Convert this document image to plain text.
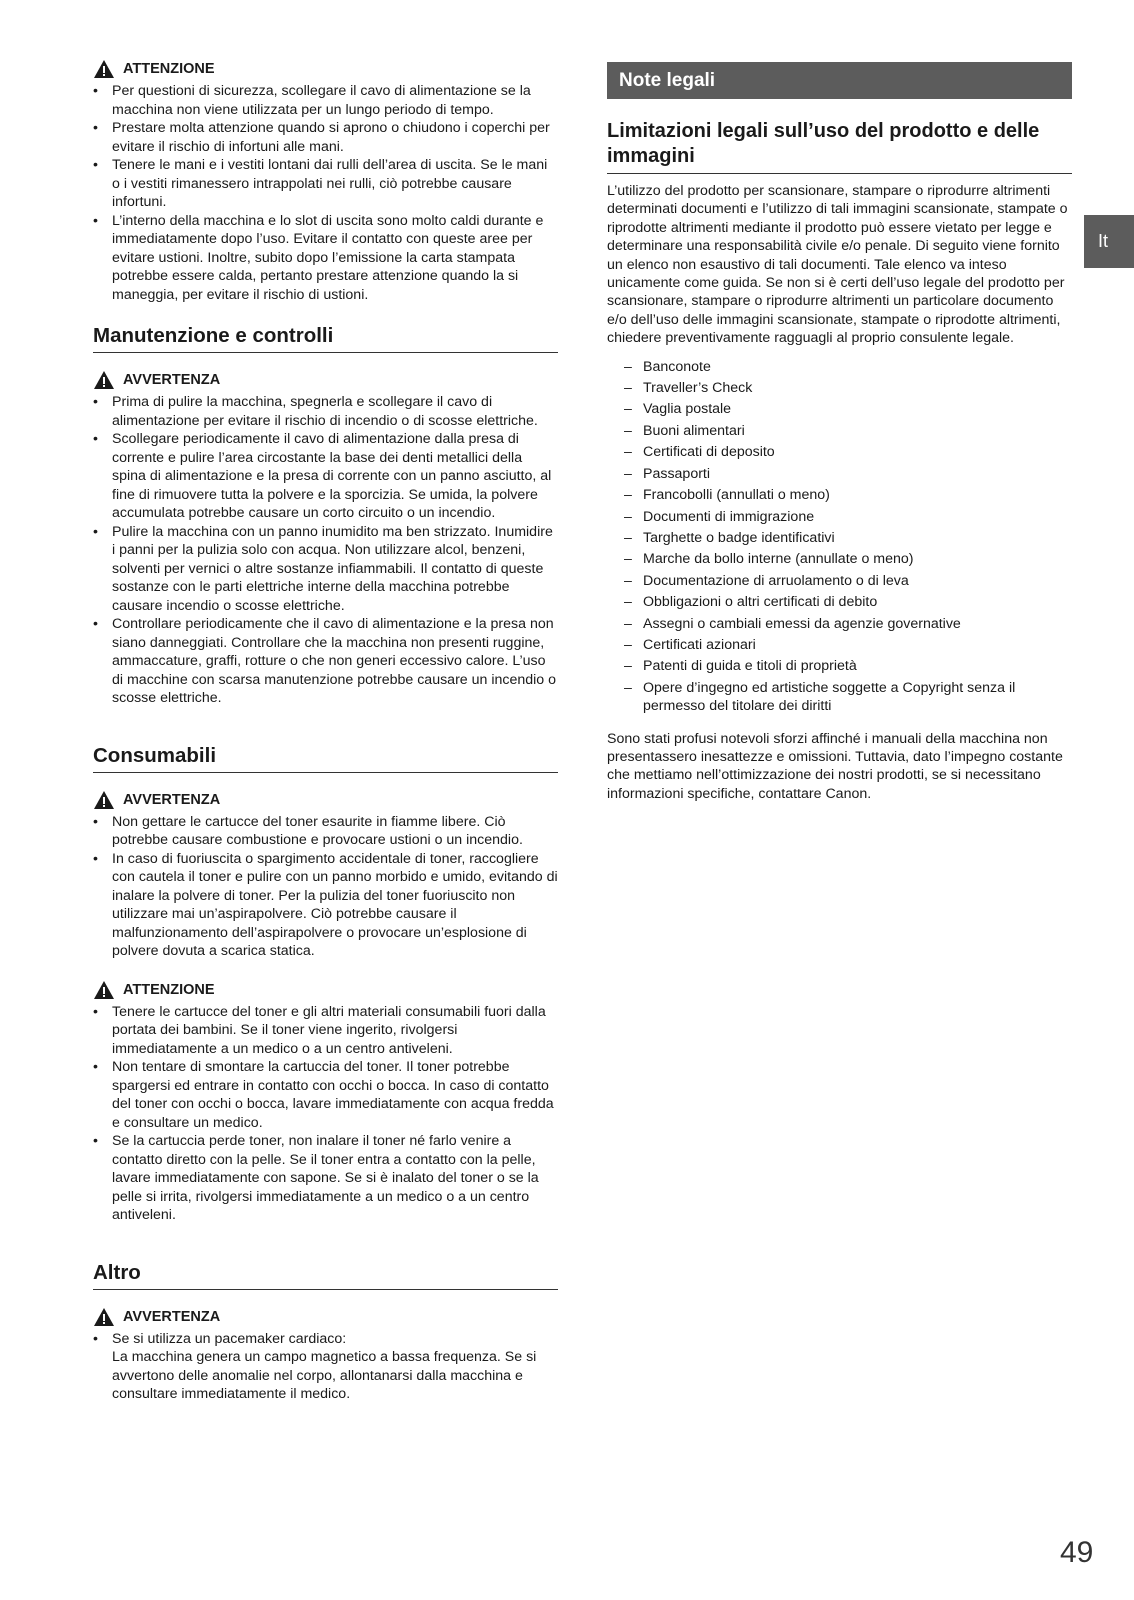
ATTENZIONE
• Per questioni di sicurezza, scollegare il cavo di alimentazione se la macchina non viene utilizzata per un lungo periodo di tempo.
• Prestare molta attenzione quando si aprono o chiudono i coperchi per evitare il rischio di infortuni alle mani.
• Tenere le mani e i vestiti lontani dai rulli dell’area di uscita. Se le mani o i vestiti rimanessero intrappolati nei rulli, ciò potrebbe causare infortuni.
• L’interno della macchina e lo slot di uscita sono molto caldi durante e immediatamente dopo l’uso. Evitare il contatto con queste aree per evitare ustioni. Inoltre, subito dopo l’emissione la carta stampata potrebbe essere calda, pertanto prestare attenzione quando la si maneggia, per evitare il rischio di ustioni.
Manutenzione e controlli
AVVERTENZA
• Prima di pulire la macchina, spegnerla e scollegare il cavo di alimentazione per evitare il rischio di incendio o di scosse elettriche.
• Scollegare periodicamente il cavo di alimentazione dalla presa di corrente e pulire l’area circostante la base dei denti metallici della spina di alimentazione e la presa di corrente con un panno asciutto, al fine di rimuovere tutta la polvere e la sporcizia. Se umida, la polvere accumulata potrebbe causare un corto circuito o un incendio.
• Pulire la macchina con un panno inumidito ma ben strizzato. Inumidire i panni per la pulizia solo con acqua. Non utilizzare alcol, benzeni, solventi per vernici o altre sostanze infiammabili. Il contatto di queste sostanze con le parti elettriche interne della macchina potrebbe causare incendio o scosse elettriche.
• Controllare periodicamente che il cavo di alimentazione e la presa non siano danneggiati. Controllare che la macchina non presenti ruggine, ammaccature, graffi, rotture o che non generi eccessivo calore. L’uso di macchine con scarsa manutenzione potrebbe causare un incendio o scosse elettriche.
Consumabili
AVVERTENZA
• Non gettare le cartucce del toner esaurite in fiamme libere. Ciò potrebbe causare combustione e provocare ustioni o un incendio.
• In caso di fuoriuscita o spargimento accidentale di toner, raccogliere con cautela il toner e pulire con un panno morbido e umido, evitando di inalare la polvere di toner. Per la pulizia del toner fuoriuscito non utilizzare mai un’aspirapolvere. Ciò potrebbe causare il malfunzionamento dell’aspirapolvere o provocare un’esplosione di polvere dovuta a scarica statica.
ATTENZIONE
• Tenere le cartucce del toner e gli altri materiali consumabili fuori dalla portata dei bambini. Se il toner viene ingerito, rivolgersi immediatamente a un medico o a un centro antiveleni.
• Non tentare di smontare la cartuccia del toner. Il toner potrebbe spargersi ed entrare in contatto con occhi o bocca. In caso di contatto del toner con occhi o bocca, lavare immediatamente con acqua fredda e consultare un medico.
• Se la cartuccia perde toner, non inalare il toner né farlo venire a contatto diretto con la pelle. Se il toner entra a contatto con la pelle, lavare immediatamente con sapone. Se si è inalato del toner o se la pelle si irrita, rivolgersi immediatamente a un medico o a un centro antiveleni.
Altro
AVVERTENZA
• Se si utilizza un pacemaker cardiaco:
La macchina genera un campo magnetico a bassa frequenza. Se si avvertono delle anomalie nel corpo, allontanarsi dalla macchina e consultare immediatamente il medico.
Note legali
Limitazioni legali sull’uso del prodotto e delle immagini

L’utilizzo del prodotto per scansionare, stampare o riprodurre altrimenti determinati documenti e l’utilizzo di tali immagini scansionate, stampate o riprodotte altrimenti mediante il prodotto può essere vietato per legge e determinare una responsabilità civile e/o penale. Di seguito viene fornito un elenco non esaustivo di tali documenti. Tale elenco va inteso unicamente come guida. Se non si è certi dell’uso legale del prodotto per scansionare, stampare o riprodurre altrimenti un particolare documento e/o dell’uso delle immagini scansionate, stampate o riprodotte altrimenti, chiedere preventivamente ragguagli al proprio consulente legale.

– Banconote
– Traveller’s Check
– Vaglia postale
– Buoni alimentari
– Certificati di deposito
– Passaporti
– Francobolli (annullati o meno)
– Documenti di immigrazione
– Targhette o badge identificativi
– Marche da bollo interne (annullate o meno)
– Documentazione di arruolamento o di leva
– Obbligazioni o altri certificati di debito
– Assegni o cambiali emessi da agenzie governative
– Certificati azionari
– Patenti di guida e titoli di proprietà
– Opere d’ingegno ed artistiche soggette a Copyright senza il permesso del titolare dei diritti

Sono stati profusi notevoli sforzi affinché i manuali della macchina non presentassero inesattezze e omissioni. Tuttavia, dato l’impegno costante che mettiamo nell’ottimizzazione dei nostri prodotti, se si necessitano informazioni specifiche, contattare Canon.

It
49
